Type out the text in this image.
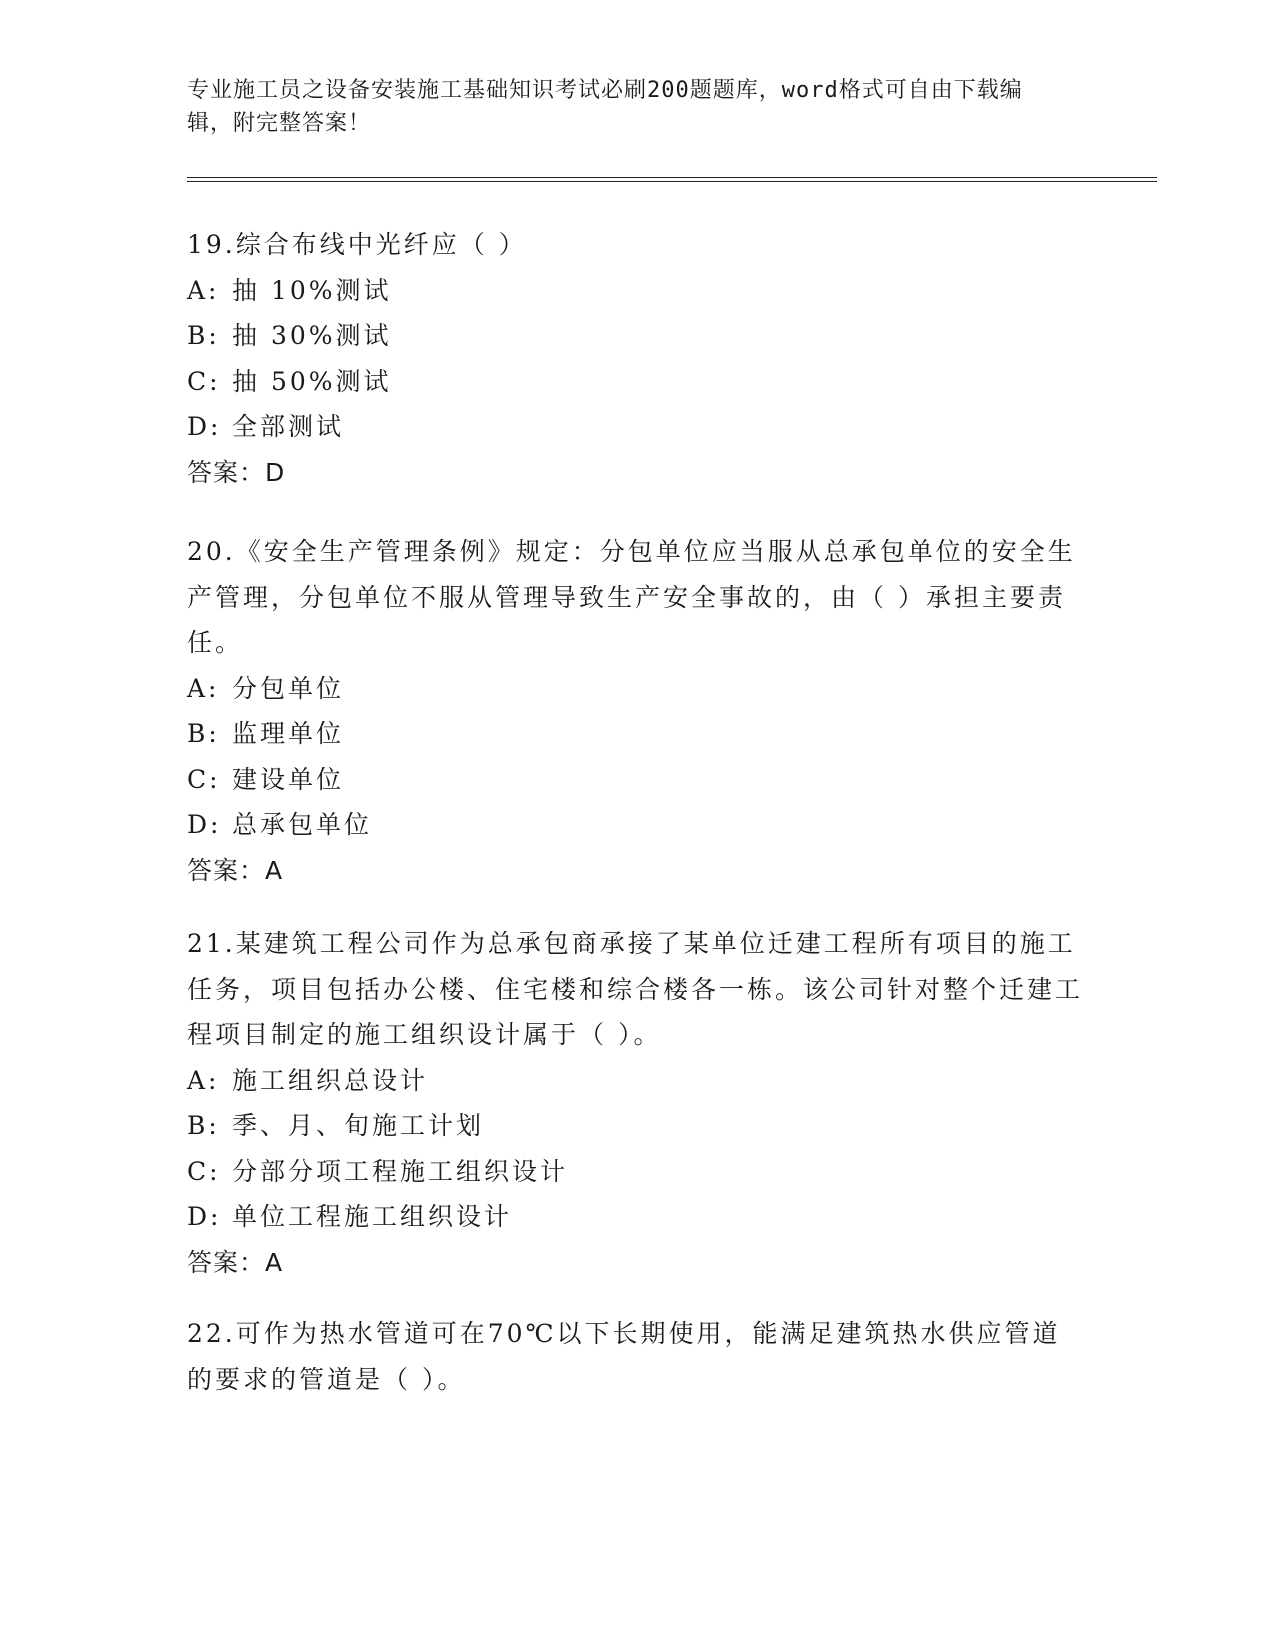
专业施工员之设备安装施工基础知识考试必刷200题题库，word格式可自由下载编辑，附完整答案！

19.综合布线中光纤应（ ）

A: 抽 10%测试

B: 抽 30%测试

C: 抽 50%测试

D: 全部测试

答案：D

20.《安全生产管理条例》规定：分包单位应当服从总承包单位的安全生产管理，分包单位不服从管理导致生产安全事故的，由（ ）承担主要责任。

A: 分包单位

B: 监理单位

C: 建设单位

D: 总承包单位

答案：A

21.某建筑工程公司作为总承包商承接了某单位迁建工程所有项目的施工任务，项目包括办公楼、住宅楼和综合楼各一栋。该公司针对整个迁建工程项目制定的施工组织设计属于（ ）。

A: 施工组织总设计

B: 季、月、旬施工计划

C: 分部分项工程施工组织设计

D: 单位工程施工组织设计

答案：A

22.可作为热水管道可在70℃以下长期使用，能满足建筑热水供应管道的要求的管道是（ ）。
